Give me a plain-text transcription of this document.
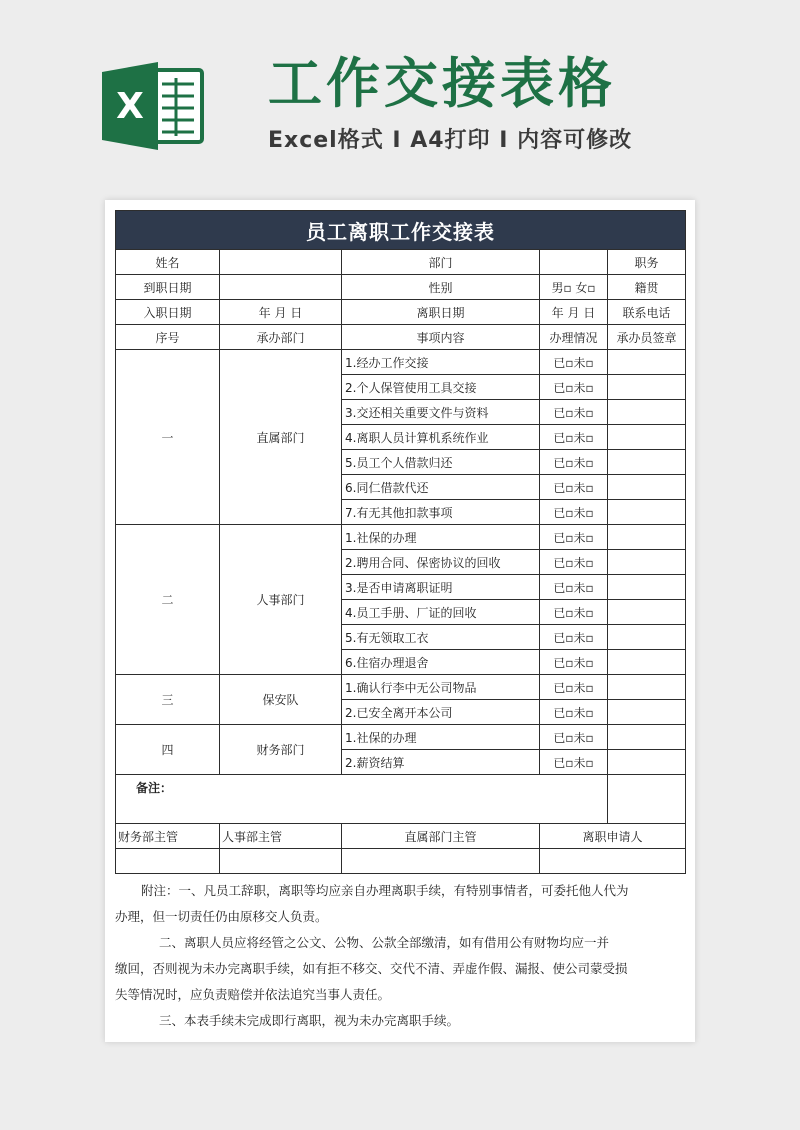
X 工作交接表格
Excel格式 Ⅰ A4打印 Ⅰ 内容可修改
员工离职工作交接表				
姓名		部门		职务
到职日期		性别	男▫ 女▫	籍贯
入职日期	年 月 日	离职日期	年 月 日	联系电话
序号	承办部门	事项内容	办理情况	承办员签章
一	直属部门	1.经办工作交接	已▫未▫	
		2.个人保管使用工具交接	已▫未▫	
		3.交还相关重要文件与资料	已▫未▫	
		4.离职人员计算机系统作业	已▫未▫	
		5.员工个人借款归还	已▫未▫	
		6.同仁借款代还	已▫未▫	
		7.有无其他扣款事项	已▫未▫	
二	人事部门	1.社保的办理	已▫未▫	
		2.聘用合同、保密协议的回收	已▫未▫	
		3.是否申请离职证明	已▫未▫	
		4.员工手册、厂证的回收	已▫未▫	
		5.有无领取工衣	已▫未▫	
		6.住宿办理退舍	已▫未▫	
三	保安队	1.确认行李中无公司物品	已▫未▫	
		2.已安全离开本公司	已▫未▫	
四	财务部门	1.社保的办理	已▫未▫	
		2.薪资结算	已▫未▫	
备注：				
财务部主管	人事部主管	直属部门主管	离职申请人	

附注：一、凡员工辞职，离职等均应亲自办理离职手续，有特别事情者，可委托他人代为

办理，但一切责任仍由原移交人负责。

二、离职人员应将经管之公文、公物、公款全部缴清，如有借用公有财物均应一并

缴回，否则视为未办完离职手续，如有拒不移交、交代不清、弄虚作假、漏报、使公司蒙受损

失等情况时，应负责赔偿并依法追究当事人责任。

三、本表手续未完成即行离职，视为未办完离职手续。
